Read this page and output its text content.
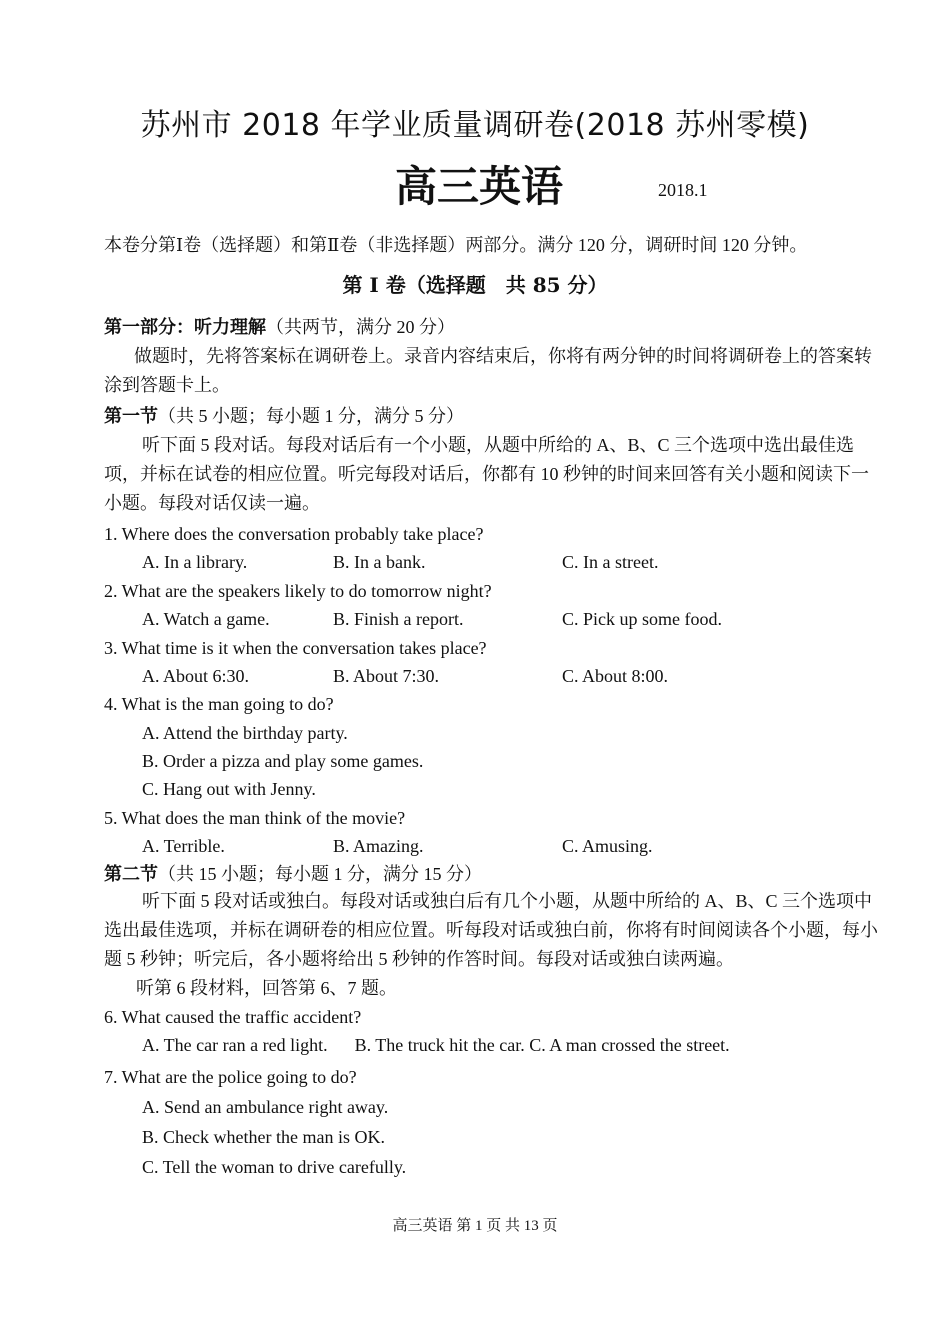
苏州市 2018 年学业质量调研卷(2018 苏州零模)
高三英语	2018.1
本卷分第Ⅰ卷（选择题）和第Ⅱ卷（非选择题）两部分。满分 120 分，调研时间 120 分钟。
第 I 卷（选择题　共 85 分）
第一部分：听力理解（共两节，满分 20 分）
做题时，先将答案标在调研卷上。录音内容结束后，你将有两分钟的时间将调研卷上的答案转涂到答题卡上。
第一节（共 5 小题；每小题 1 分，满分 5 分）
听下面 5 段对话。每段对话后有一个小题，从题中所给的 A、B、C 三个选项中选出最佳选项，并标在试卷的相应位置。听完每段对话后，你都有 10 秒钟的时间来回答有关小题和阅读下一小题。每段对话仅读一遍。
1. Where does the conversation probably take place?
A. In a library.	B. In a bank.	C. In a street.
2. What are the speakers likely to do tomorrow night?
A. Watch a game.	B. Finish a report.	C. Pick up some food.
3. What time is it when the conversation takes place?
A. About 6:30.	B. About 7:30.	C. About 8:00.
4. What is the man going to do?
A. Attend the birthday party.
B. Order a pizza and play some games.
C. Hang out with Jenny.
5. What does the man think of the movie?
A. Terrible.	B. Amazing.	C. Amusing.
第二节（共 15 小题；每小题 1 分，满分 15 分）
听下面 5 段对话或独白。每段对话或独白后有几个小题，从题中所给的 A、B、C 三个选项中选出最佳选项，并标在调研卷的相应位置。听每段对话或独白前，你将有时间阅读各个小题，每小题 5 秒钟；听完后，各小题将给出 5 秒钟的作答时间。每段对话或独白读两遍。
听第 6 段材料，回答第 6、7 题。
6. What caused the traffic accident?
A. The car ran a red light.      B. The truck hit the car. C. A man crossed the street.
7. What are the police going to do?
A. Send an ambulance right away.
B. Check whether the man is OK.
C. Tell the woman to drive carefully.
高三英语 第 1 页 共 13 页
